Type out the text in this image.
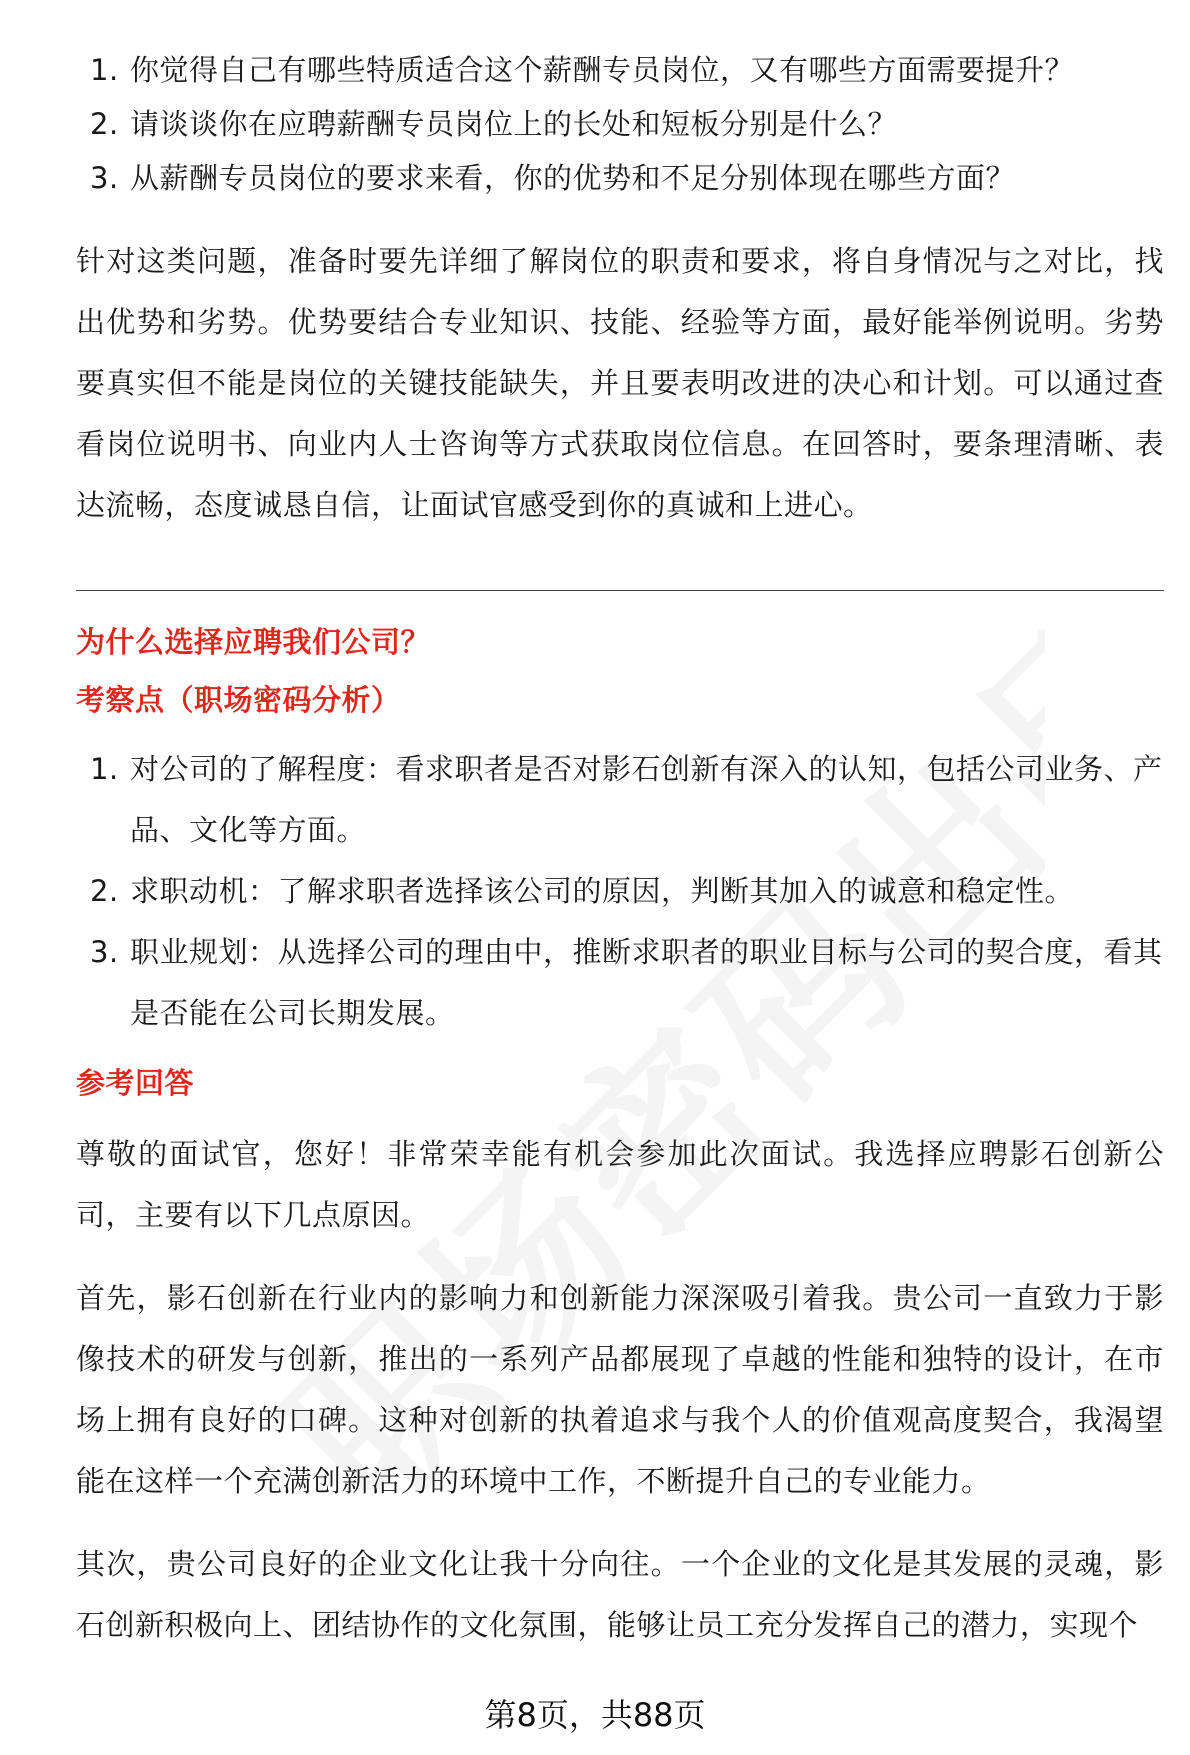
1. 你觉得自己有哪些特质适合这个薪酬专员岗位，又有哪些方面需要提升？
2. 请谈谈你在应聘薪酬专员岗位上的长处和短板分别是什么？
3. 从薪酬专员岗位的要求来看，你的优势和不足分别体现在哪些方面？

针对这类问题，准备时要先详细了解岗位的职责和要求，将自身情况与之对比，找出优势和劣势。优势要结合专业知识、技能、经验等方面，最好能举例说明。劣势要真实但不能是岗位的关键技能缺失，并且要表明改进的决心和计划。可以通过查看岗位说明书、向业内人士咨询等方式获取岗位信息。在回答时，要条理清晰、表达流畅，态度诚恳自信，让面试官感受到你的真诚和上进心。

为什么选择应聘我们公司？
考察点（职场密码分析）
1. 对公司的了解程度：看求职者是否对影石创新有深入的认知，包括公司业务、产品、文化等方面。
2. 求职动机：了解求职者选择该公司的原因，判断其加入的诚意和稳定性。
3. 职业规划：从选择公司的理由中，推断求职者的职业目标与公司的契合度，看其是否能在公司长期发展。
参考回答

尊敬的面试官，您好！非常荣幸能有机会参加此次面试。我选择应聘影石创新公司，主要有以下几点原因。

首先，影石创新在行业内的影响力和创新能力深深吸引着我。贵公司一直致力于影像技术的研发与创新，推出的一系列产品都展现了卓越的性能和独特的设计，在市场上拥有良好的口碑。这种对创新的执着追求与我个人的价值观高度契合，我渴望能在这样一个充满创新活力的环境中工作，不断提升自己的专业能力。

其次，贵公司良好的企业文化让我十分向往。一个企业的文化是其发展的灵魂，影石创新积极向上、团结协作的文化氛围，能够让员工充分发挥自己的潜力，实现个

第8页，共88页
